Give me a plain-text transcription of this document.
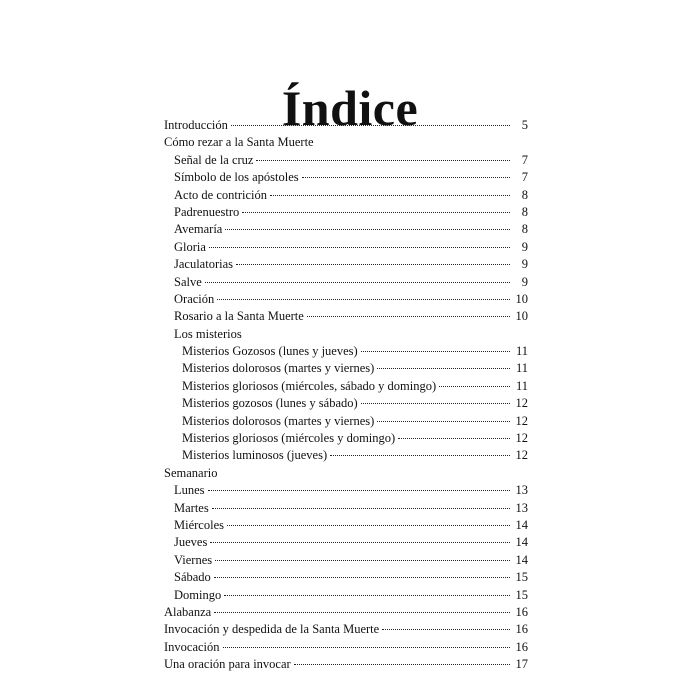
Índice
Introducción	5
Cómo rezar a la Santa Muerte
Señal de la cruz	7
Símbolo de los apóstoles	7
Acto de contrición	8
Padrenuestro	8
Avemaría	8
Gloria	9
Jaculatorias	9
Salve	9
Oración	10
Rosario a la Santa Muerte	10
Los misterios
Misterios Gozosos (lunes y jueves)	11
Misterios dolorosos (martes y viernes)	11
Misterios gloriosos (miércoles, sábado y domingo)	11
Misterios gozosos (lunes y sábado)	12
Misterios dolorosos (martes y viernes)	12
Misterios gloriosos (miércoles y domingo)	12
Misterios luminosos (jueves)	12
Semanario
Lunes	13
Martes	13
Miércoles	14
Jueves	14
Viernes	14
Sábado	15
Domingo	15
Alabanza	16
Invocación y despedida de la Santa Muerte	16
Invocación	16
Una oración para invocar	17
